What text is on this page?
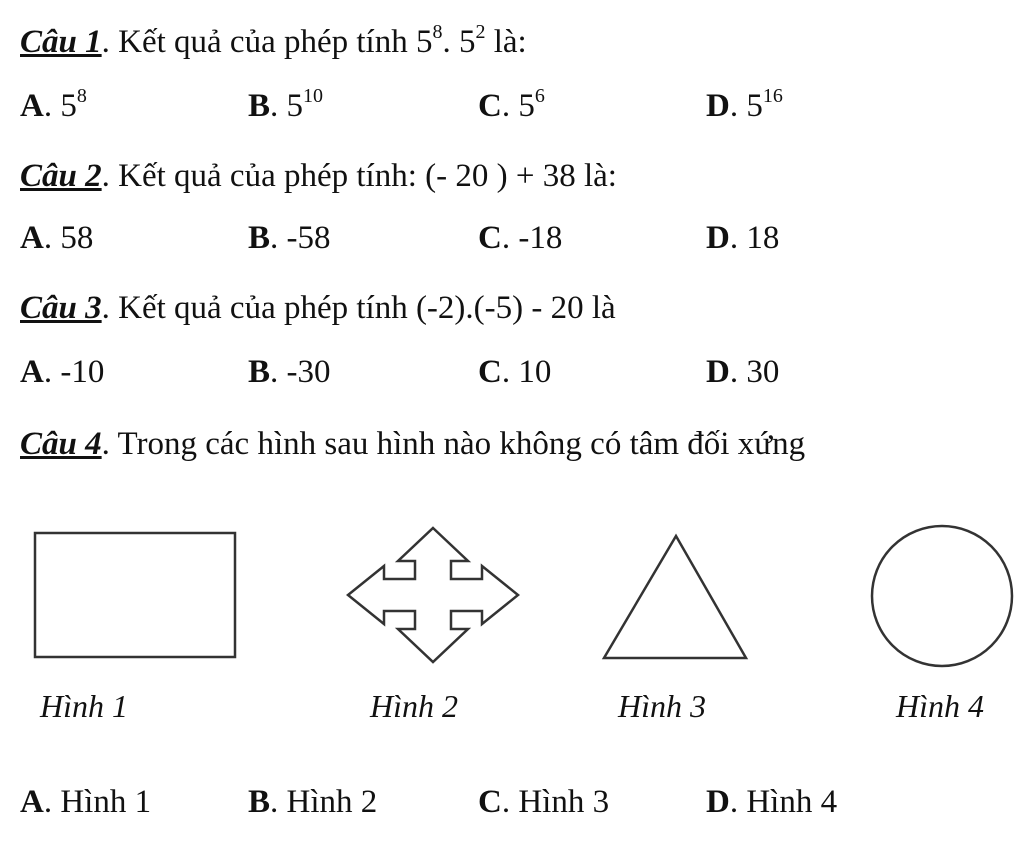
Câu 1. Kết quả của phép tính $5^8$. $5^2$ là:
A. $5^8$	B. $5^{10}$	C. $5^6$	D. $5^{16}$
Câu 2. Kết quả của phép tính: (- 20 ) + 38 là:
A. 58	B. -58	C. -18	D. 18
Câu 3. Kết quả của phép tính (-2).(-5) - 20 là
A. -10	B. -30	C. 10	D. 30
Câu 4. Trong các hình sau hình nào không có tâm đối xứng
Hình 1	Hình 2	Hình 3	Hình 4
A. Hình 1	B. Hình 2	C. Hình 3	D. Hình 4
